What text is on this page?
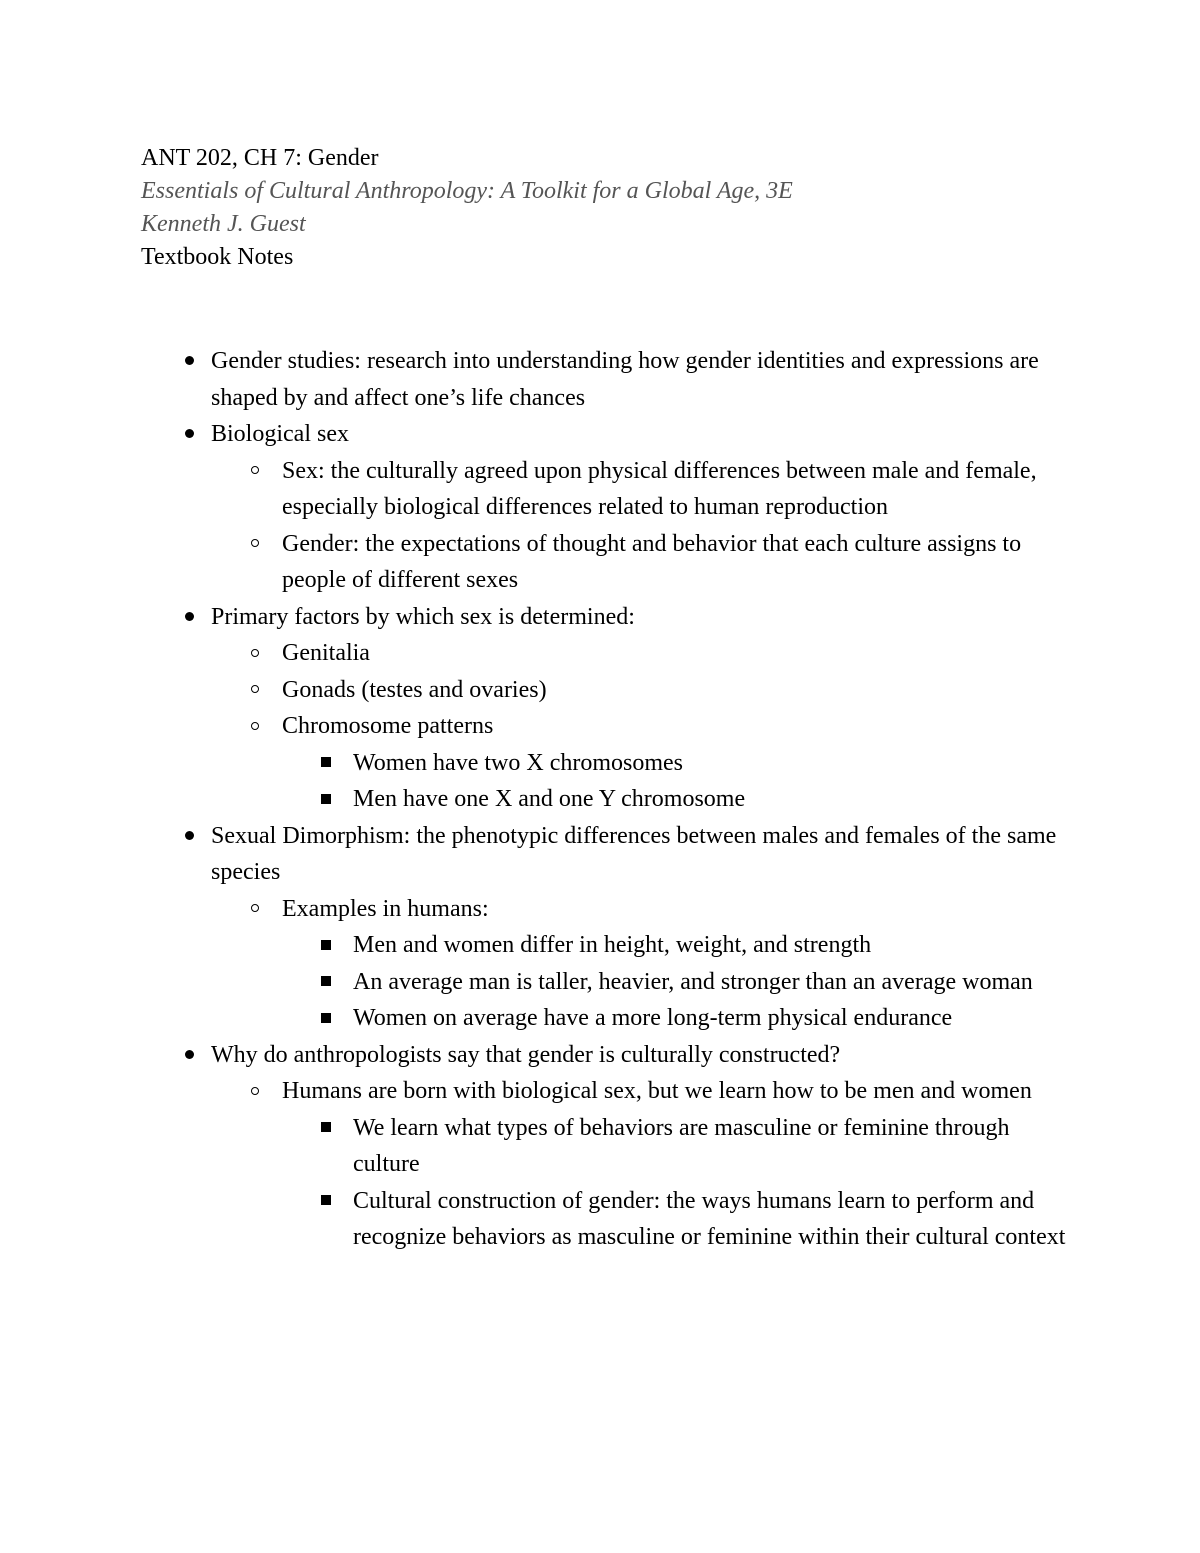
ANT 202, CH 7: Gender
Essentials of Cultural Anthropology: A Toolkit for a Global Age, 3E
Kenneth J. Guest
Textbook Notes
Gender studies: research into understanding how gender identities and expressions are shaped by and affect one’s life chances
Biological sex
Sex: the culturally agreed upon physical differences between male and female, especially biological differences related to human reproduction
Gender: the expectations of thought and behavior that each culture assigns to people of different sexes
Primary factors by which sex is determined:
Genitalia
Gonads (testes and ovaries)
Chromosome patterns
Women have two X chromosomes
Men have one X and one Y chromosome
Sexual Dimorphism: the phenotypic differences between males and females of the same species
Examples in humans:
Men and women differ in height, weight, and strength
An average man is taller, heavier, and stronger than an average woman
Women on average have a more long-term physical endurance
Why do anthropologists say that gender is culturally constructed?
Humans are born with biological sex, but we learn how to be men and women
We learn what types of behaviors are masculine or feminine through culture
Cultural construction of gender: the ways humans learn to perform and recognize behaviors as masculine or feminine within their cultural context
